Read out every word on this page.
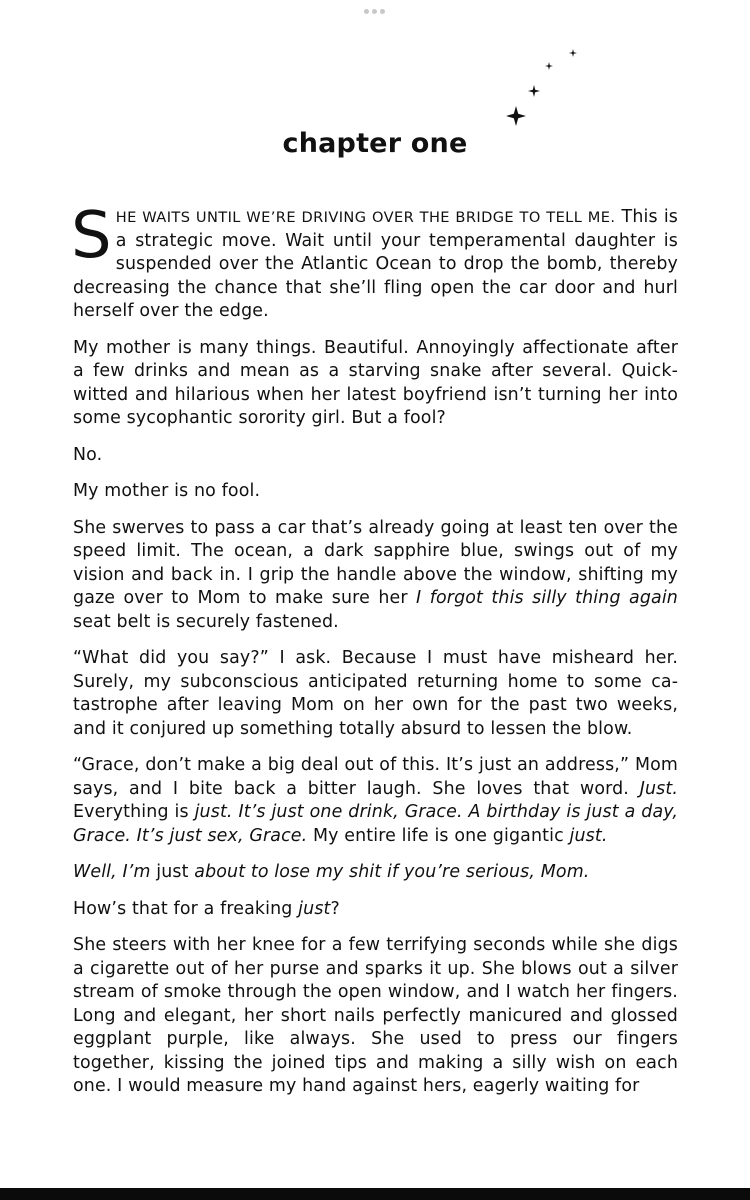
chapter one

SHE WAITS UNTIL WE’RE DRIVING OVER THE BRIDGE TO TELL ME. This is a strategic move. Wait until your temperamental daughter is suspended over the Atlantic Ocean to drop the bomb, thereby decreasing the chance that she’ll fling open the car door and hurl herself over the edge.

My mother is many things. Beautiful. Annoyingly affectionate after a few drinks and mean as a starving snake after several. Quick-witted and hilarious when her latest boyfriend isn’t turning her into some sycophantic sorority girl. But a fool?

No.

My mother is no fool.

She swerves to pass a car that’s already going at least ten over the speed limit. The ocean, a dark sapphire blue, swings out of my vision and back in. I grip the handle above the window, shifting my gaze over to Mom to make sure her I forgot this silly thing again seat belt is securely fastened.

“What did you say?” I ask. Because I must have misheard her. Surely, my subconscious anticipated returning home to some catastrophe after leaving Mom on her own for the past two weeks, and it conjured up something totally absurd to lessen the blow.

“Grace, don’t make a big deal out of this. It’s just an address,” Mom says, and I bite back a bitter laugh. She loves that word. Just. Everything is just. It’s just one drink, Grace. A birthday is just a day, Grace. It’s just sex, Grace. My entire life is one gigantic just.

Well, I’m just about to lose my shit if you’re serious, Mom.

How’s that for a freaking just?

She steers with her knee for a few terrifying seconds while she digs a cigarette out of her purse and sparks it up. She blows out a silver stream of smoke through the open window, and I watch her fingers. Long and elegant, her short nails perfectly manicured and glossed eggplant purple, like always. She used to press our fingers together, kissing the joined tips and making a silly wish on each one. I would measure my hand against hers, eagerly waiting for
